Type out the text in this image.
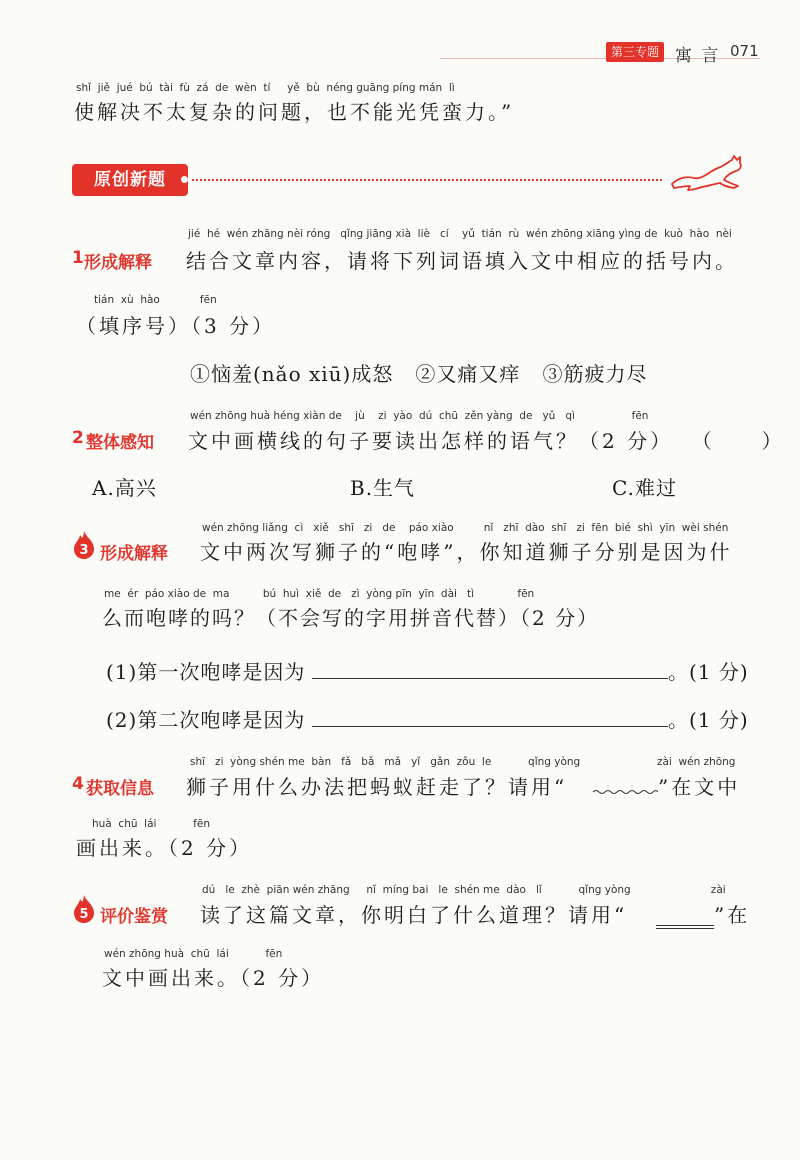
第三专题 寓 言 071
shǐ  jiě  jué  bú  tài  fù  zá  de  wèn  tí     yě  bù  néng guāng píng mán  lì
使解决不太复杂的问题，也不能光凭蛮力。”
原创新题
jié  hé  wén zhāng nèi róng   qǐng jiāng xià  liè   cí    yǔ  tián  rù  wén zhōng xiāng yìng de  kuò  hào  nèi
1 形成解释 结合文章内容，请将下列词语填入文中相应的括号内。
tián  xù  hào            fēn
（填序号）（3 分）
①恼羞(nǎo xiū)成怒   ②又痛又痒   ③筋疲力尽
wén zhōng huà héng xiàn de    jù    zi  yào  dú  chū  zěn yàng  de   yǔ   qì                 fēn
2 整体感知 文中画横线的句子要读出怎样的语气？（2 分）  （     ）
A.高兴	B.生气	C.难过
wén zhōng liǎng  cì   xiě   shī   zi   de    páo xiào         nǐ   zhī  dào  shī   zi  fēn  bié  shì  yīn  wèi shén
3 形成解释 文中两次写狮子的“咆哮”，你知道狮子分别是因为什
me  ér  páo xiào de  ma          bú  huì  xiě  de   zì  yòng pīn  yīn  dài   tì             fēn
么而咆哮的吗？（不会写的字用拼音代替）（2 分）
(1)第一次咆哮是因为	。(1 分)
(2)第二次咆哮是因为	。(1 分)
shī   zi  yòng shén me  bàn   fǎ   bǎ   mǎ   yǐ   gǎn  zǒu  le           qǐng yòng                       zài  wén zhōng
4 获取信息 狮子用什么办法把蚂蚁赶走了？请用“	”在文中
huà  chū  lái           fēn
画出来。（2 分）
dú   le  zhè  piān wén zhāng     nǐ  míng bai   le  shén me  dào   lǐ           qǐng yòng                        zài
5 评价鉴赏 读了这篇文章，你明白了什么道理？请用“	”在
wén zhōng huà  chū  lái           fēn
文中画出来。（2 分）
